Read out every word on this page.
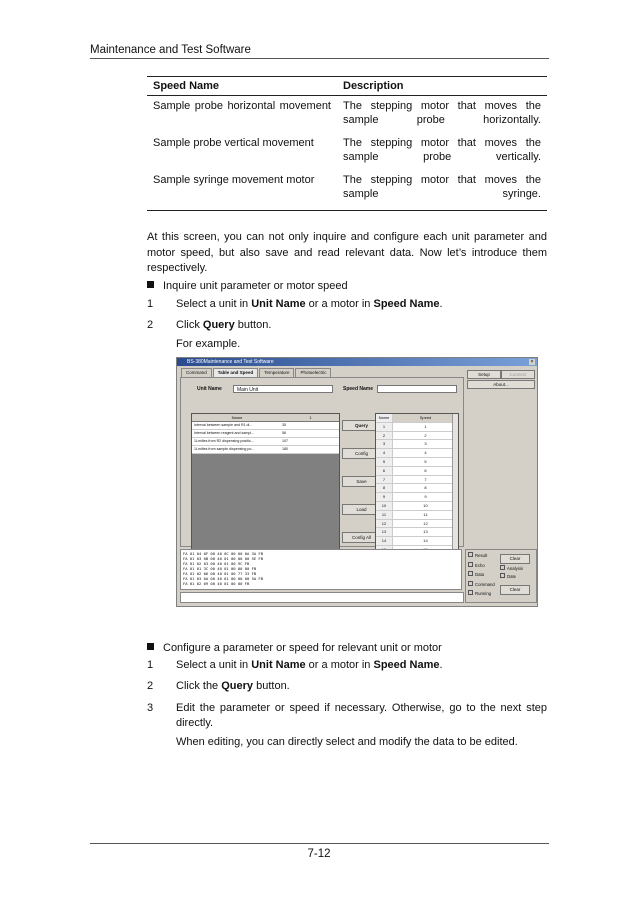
Maintenance and Test Software
Speed Name	Description
Sample probe horizontal movement	The stepping motor that moves the sample probe horizontally.
Sample probe vertical movement	The stepping motor that moves the sample probe vertically.
Sample syringe movement motor	The stepping motor that moves the sample syringe.
At this screen, you can not only inquire and configure each unit parameter and motor speed, but also save and read relevant data. Now let’s introduce them respectively.
Inquire unit parameter or motor speed
1 Select a unit in Unit Name or a motor in Speed Name.
2 Click Query button.
For example.
BS-380Maintenance and Test Software	×
Command	Table and Speed	Temperature	Photoelectric
Unit Name	Main Unit	Speed Name
Name	1
Interval between sample and R1 di...	35
Interval between reagent and sampl...	56
1Lmiltes from R2 dispensing positio...	107
1Lmiltes from sample dispensing po...	180
Query
Config
Save
Load
Config All
Name	Speed
1	1
2	2
3	3
4	4
5	5
6	6
7	7
8	8
9	9
10	10
11	11
12	12
13	13
14	14
Setup	Connect
About...
FA 01 04 0F 00 40 0C 00 00 0A 3A FB
FA 01 03 0B 00 40 01 00 00 00 5E FB
FA 01 02 03 00 40 01 00 9C FB
FA 01 01 3C 00 40 01 00 00 00 FB
FA 01 02 06 00 40 01 00 77 33 FB
FA 01 03 0A 00 40 01 00 00 00 5A FB
FA 01 02 09 00 40 01 00 00 FB
Result
Echo
Data
Command
Running
Analysis
Date
Clear
Clear
Configure a parameter or speed for relevant unit or motor
1 Select a unit in Unit Name or a motor in Speed Name.
2 Click the Query button.
3 Edit the parameter or speed if necessary. Otherwise, go to the next step directly.
When editing, you can directly select and modify the data to be edited.
7-12
